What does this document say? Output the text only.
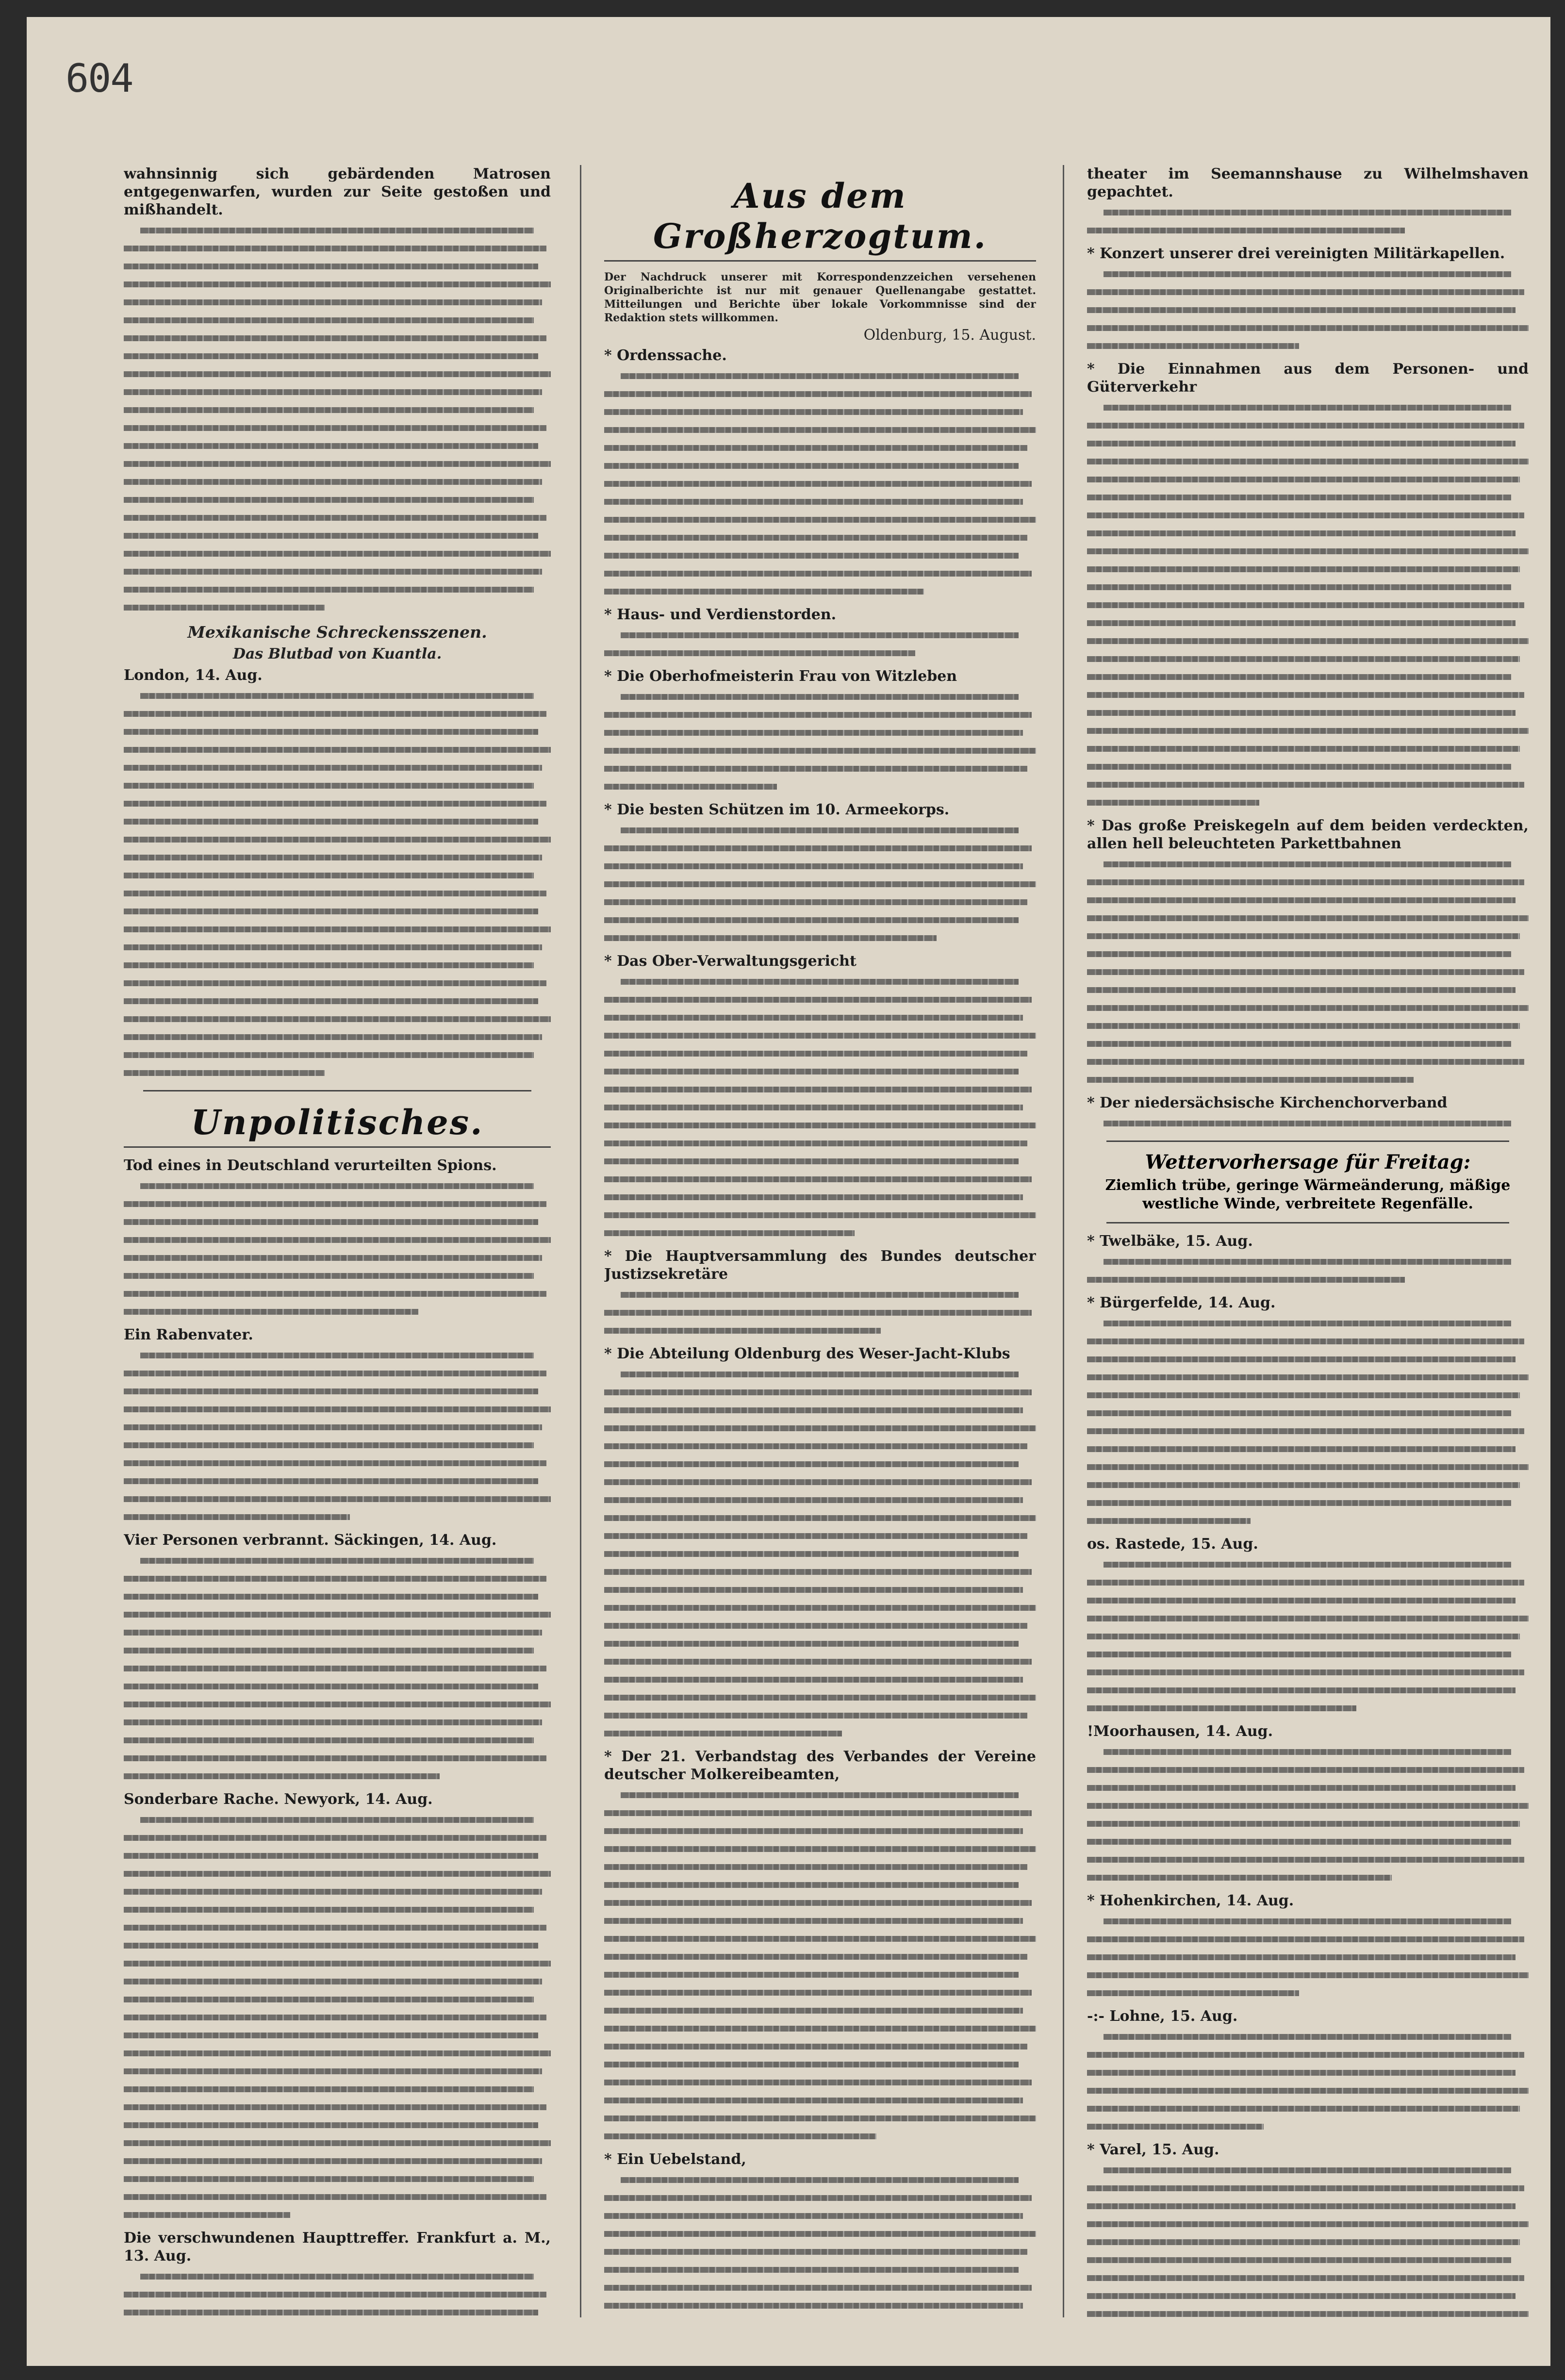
604
wahnsinnig sich gebärdenden Matrosen entgegenwarfen, wurden zur Seite gestoßen und mißhandelt.
Mexikanische Schreckensszenen.
Das Blutbad von Kuantla.
London, 14. Aug.
Unpolitisches.
Tod eines in Deutschland verurteilten Spions.
Ein Rabenvater.
Vier Personen verbrannt. Säckingen, 14. Aug.
Sonderbare Rache. Newyork, 14. Aug.
Die verschwundenen Haupttreffer. Frankfurt a. M., 13. Aug.
Aus dem Großherzogtum.
Der Nachdruck unserer mit Korrespondenzzeichen versehenen Originalberichte ist nur mit genauer Quellenangabe gestattet. Mitteilungen und Berichte über lokale Vorkommnisse sind der Redaktion stets willkommen.
Oldenburg, 15. August.
* Ordenssache.
* Haus- und Verdienstorden.
* Die Oberhofmeisterin Frau von Witzleben
* Die besten Schützen im 10. Armeekorps.
* Das Ober-Verwaltungsgericht
* Die Hauptversammlung des Bundes deutscher Justizsekretäre
* Die Abteilung Oldenburg des Weser-Jacht-Klubs
* Der 21. Verbandstag des Verbandes der Vereine deutscher Molkereibeamten,
* Ein Uebelstand,
theater im Seemannshause zu Wilhelmshaven gepachtet.
* Konzert unserer drei vereinigten Militärkapellen.
* Die Einnahmen aus dem Personen- und Güterverkehr
* Das große Preiskegeln auf dem beiden verdeckten, allen hell beleuchteten Parkettbahnen
* Der niedersächsische Kirchenchorverband
Wettervorhersage für Freitag:
Ziemlich trübe, geringe Wärmeänderung, mäßige westliche Winde, verbreitete Regenfälle.
* Twelbäke, 15. Aug.
* Bürgerfelde, 14. Aug.
os. Rastede, 15. Aug.
!Moorhausen, 14. Aug.
* Hohenkirchen, 14. Aug.
-:- Lohne, 15. Aug.
* Varel, 15. Aug.
